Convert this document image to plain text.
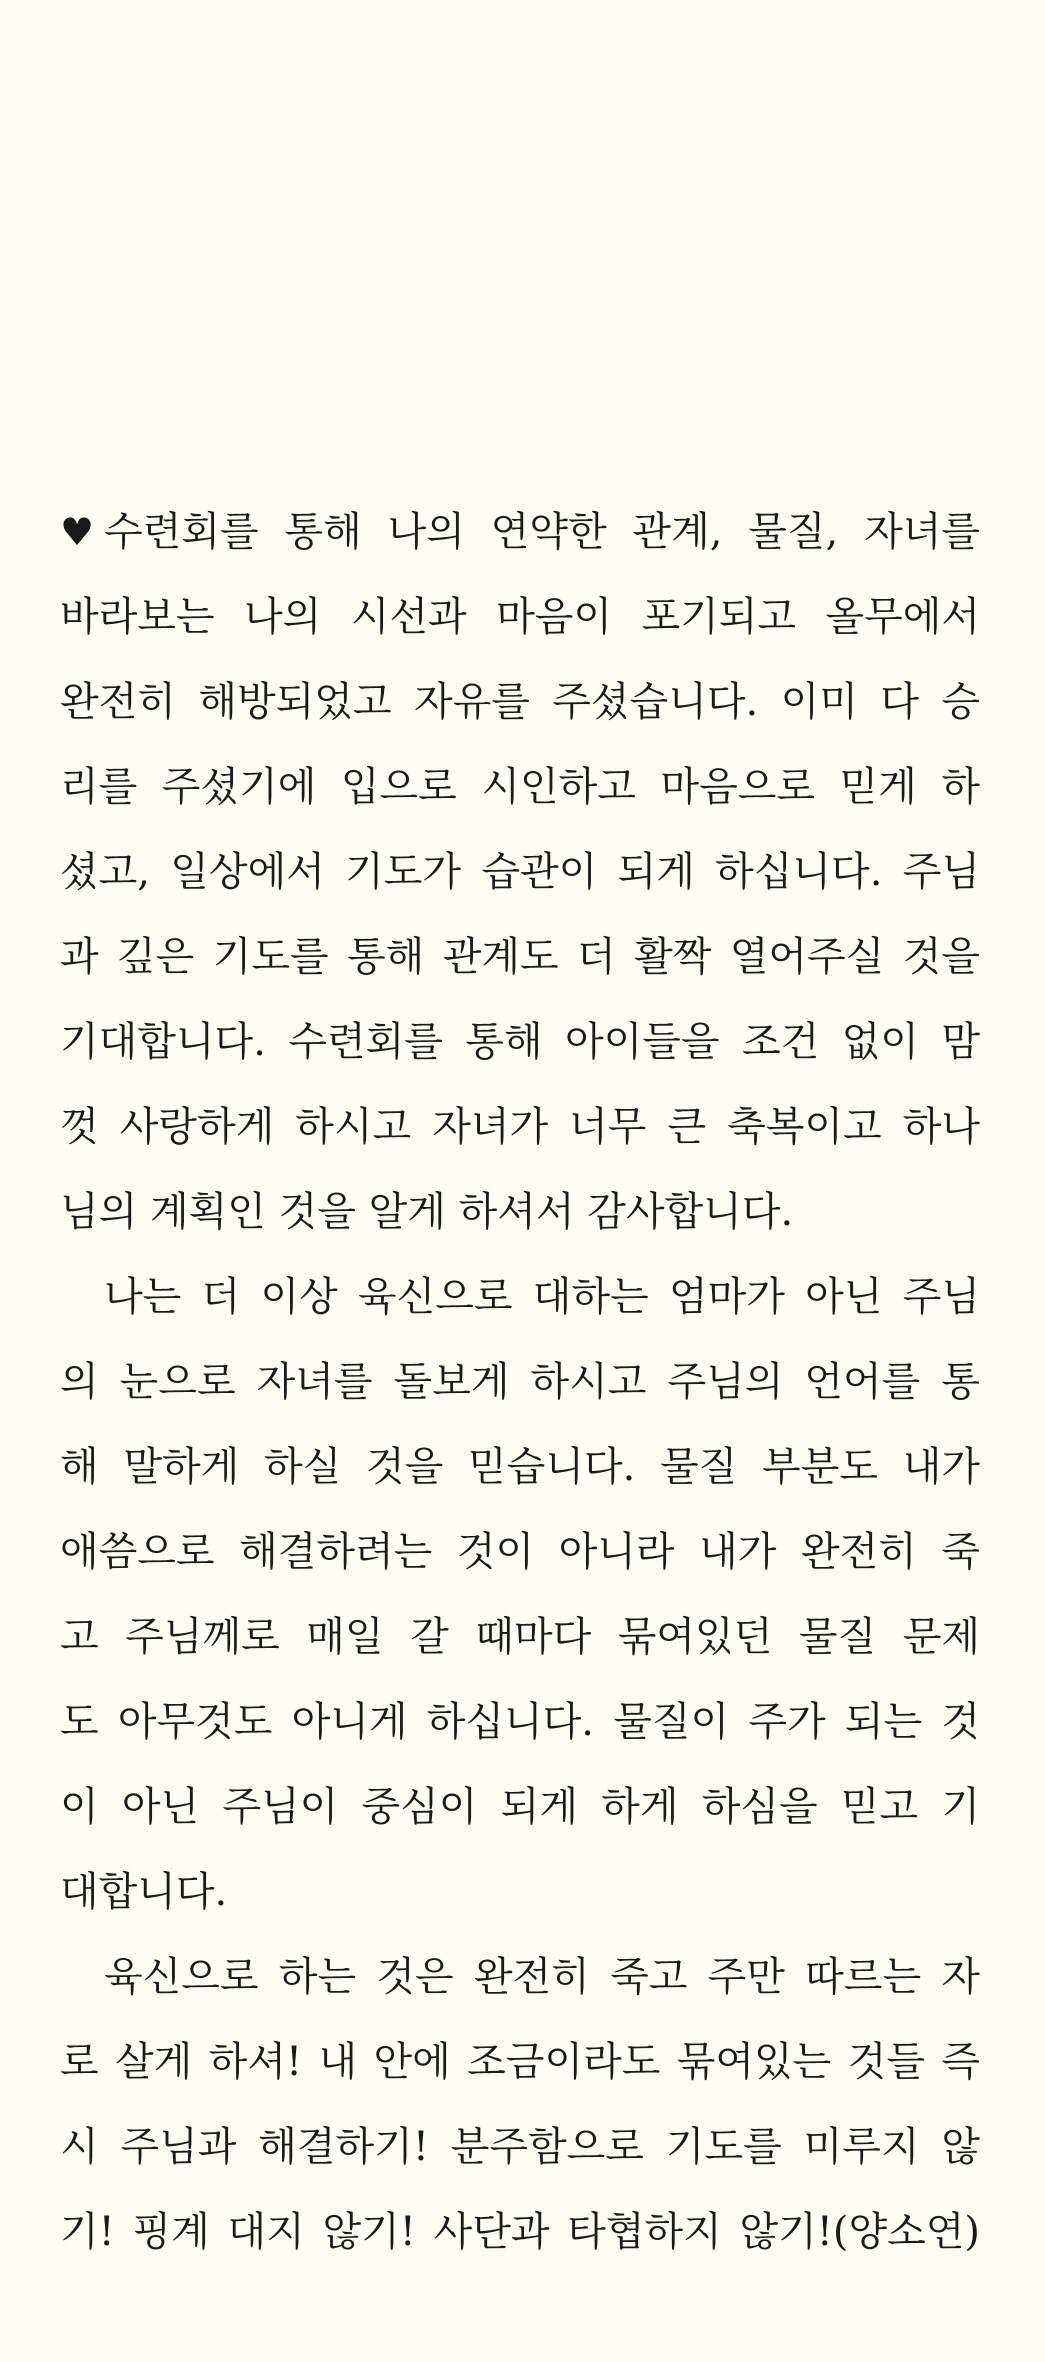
♥ 수련회를 통해 나의 연약한 관계, 물질, 자녀를
바라보는 나의 시선과 마음이 포기되고 올무에서
완전히 해방되었고 자유를 주셨습니다. 이미 다 승
리를 주셨기에 입으로 시인하고 마음으로 믿게 하
셨고, 일상에서 기도가 습관이 되게 하십니다. 주님
과 깊은 기도를 통해 관계도 더 활짝 열어주실 것을
기대합니다. 수련회를 통해 아이들을 조건 없이 맘
껏 사랑하게 하시고 자녀가 너무 큰 축복이고 하나
님의 계획인 것을 알게 하셔서 감사합니다.
나는 더 이상 육신으로 대하는 엄마가 아닌 주님
의 눈으로 자녀를 돌보게 하시고 주님의 언어를 통
해 말하게 하실 것을 믿습니다. 물질 부분도 내가
애씀으로 해결하려는 것이 아니라 내가 완전히 죽
고 주님께로 매일 갈 때마다 묶여있던 물질 문제
도 아무것도 아니게 하십니다. 물질이 주가 되는 것
이 아닌 주님이 중심이 되게 하게 하심을 믿고 기
대합니다.
육신으로 하는 것은 완전히 죽고 주만 따르는 자
로 살게 하셔! 내 안에 조금이라도 묶여있는 것들 즉
시 주님과 해결하기! 분주함으로 기도를 미루지 않
기! 핑계 대지 않기! 사단과 타협하지 않기!(양소연)
